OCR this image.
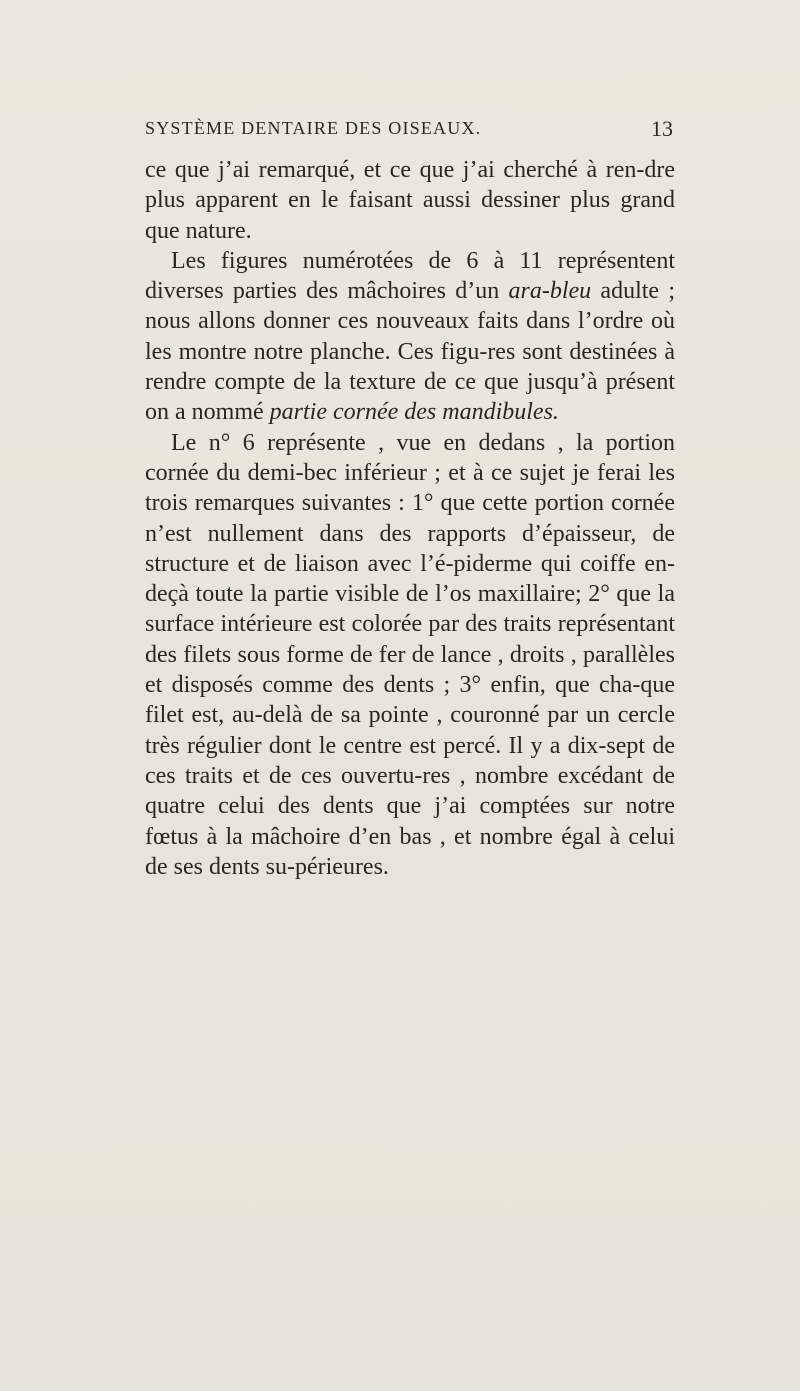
SYSTÈME DENTAIRE DES OISEAUX.	13

ce que j’ai remarqué, et ce que j’ai cherché à ren-dre plus apparent en le faisant aussi dessiner plus grand que nature.

Les figures numérotées de 6 à 11 représentent diverses parties des mâchoires d’un ara-bleu adulte ; nous allons donner ces nouveaux faits dans l’ordre où les montre notre planche. Ces figu-res sont destinées à rendre compte de la texture de ce que jusqu’à présent on a nommé partie cornée des mandibules.

Le n° 6 représente , vue en dedans , la portion cornée du demi-bec inférieur ; et à ce sujet je ferai les trois remarques suivantes : 1° que cette portion cornée n’est nullement dans des rapports d’épaisseur, de structure et de liaison avec l’é-piderme qui coiffe en-deçà toute la partie visible de l’os maxillaire; 2° que la surface intérieure est colorée par des traits représentant des filets sous forme de fer de lance , droits , parallèles et disposés comme des dents ; 3° enfin, que cha-que filet est, au-delà de sa pointe , couronné par un cercle très régulier dont le centre est percé. Il y a dix-sept de ces traits et de ces ouvertu-res , nombre excédant de quatre celui des dents que j’ai comptées sur notre fœtus à la mâchoire d’en bas , et nombre égal à celui de ses dents su-périeures.
